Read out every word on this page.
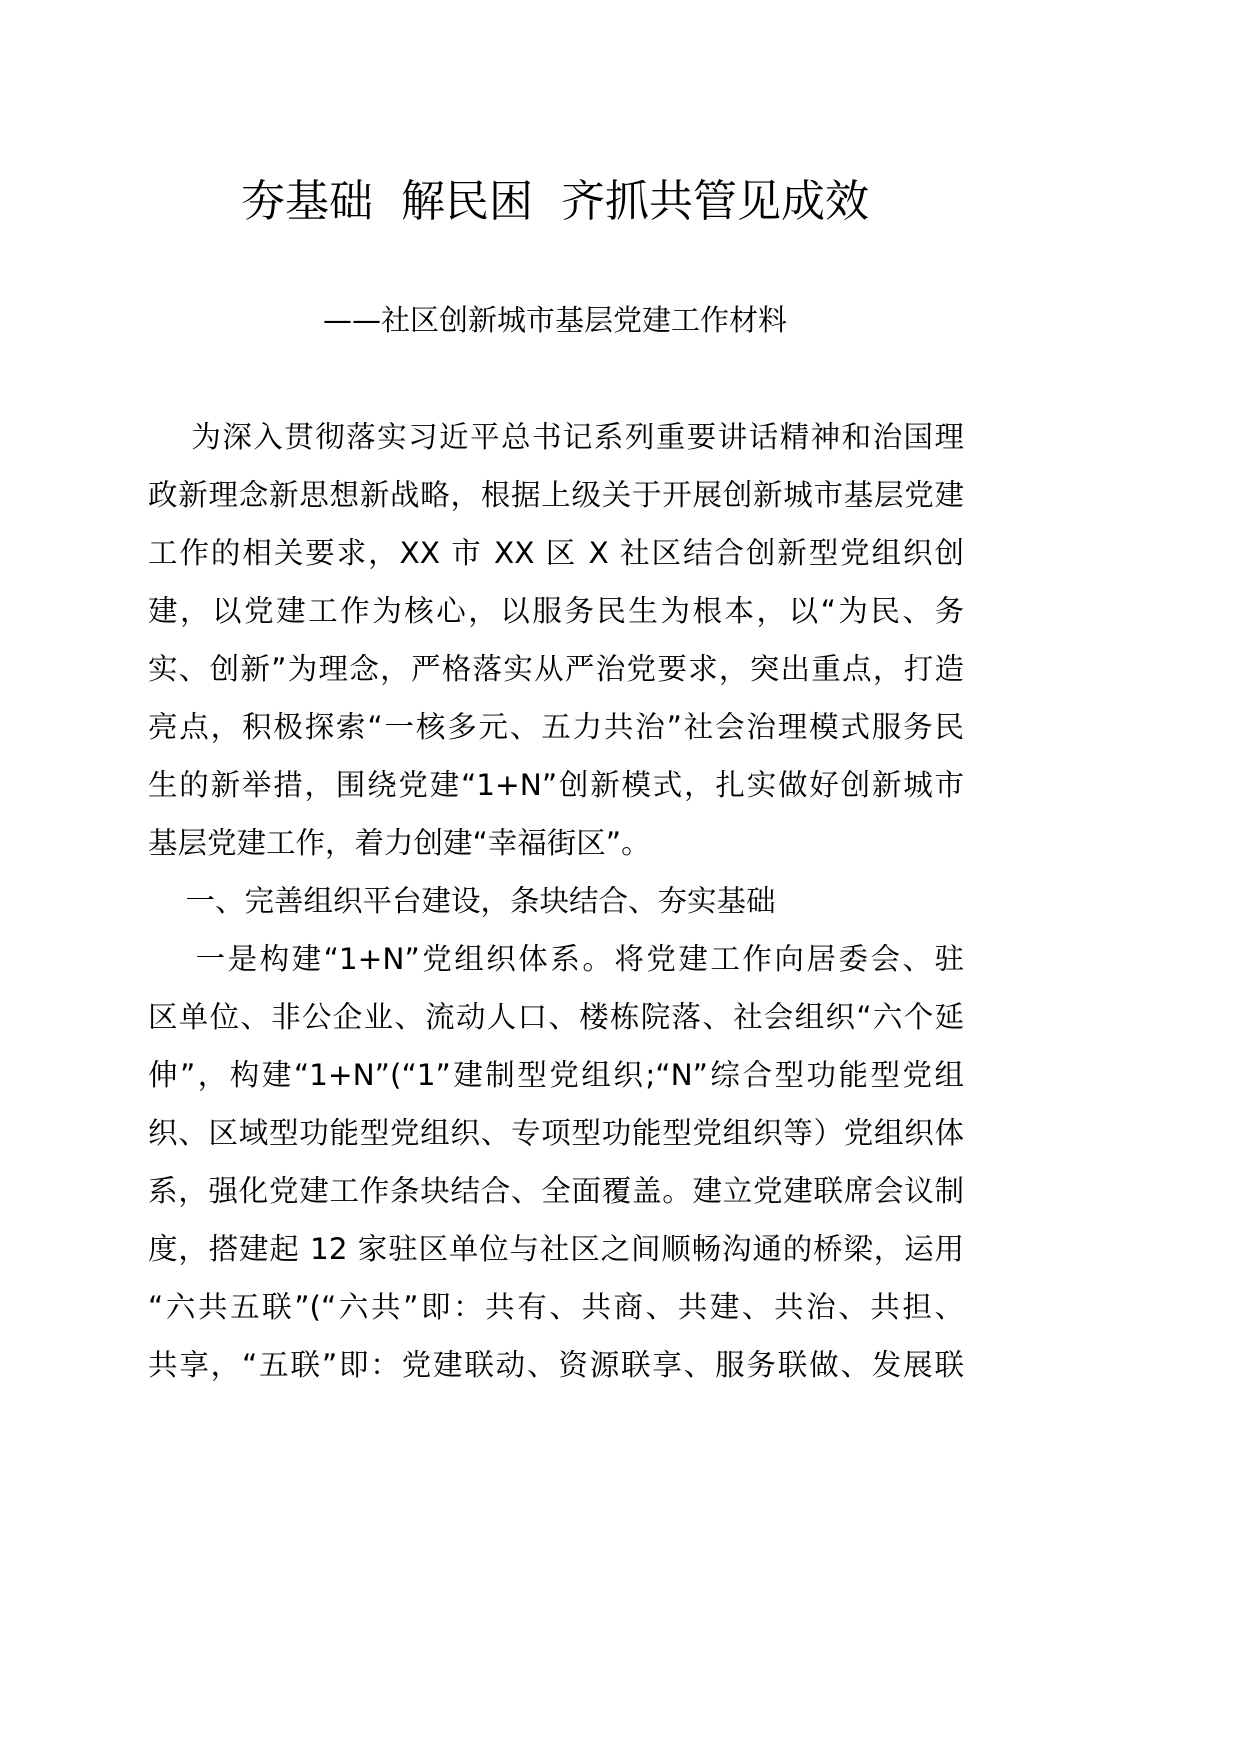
夯基础  解民困  齐抓共管见成效
——社区创新城市基层党建工作材料
为深入贯彻落实习近平总书记系列重要讲话精神和治国理
政新理念新思想新战略，根据上级关于开展创新城市基层党建
工作的相关要求，XX 市 XX 区 X 社区结合创新型党组织创
建，以党建工作为核心，以服务民生为根本，以“为民、务
实、创新”为理念，严格落实从严治党要求，突出重点，打造
亮点，积极探索“一核多元、五力共治”社会治理模式服务民
生的新举措，围绕党建“1+N”创新模式，扎实做好创新城市
基层党建工作，着力创建“幸福街区”。
一、完善组织平台建设，条块结合、夯实基础
一是构建“1+N”党组织体系。将党建工作向居委会、驻
区单位、非公企业、流动人口、楼栋院落、社会组织“六个延
伸”，构建“1+N”(“1”建制型党组织;“N”综合型功能型党组
织、区域型功能型党组织、专项型功能型党组织等）党组织体
系，强化党建工作条块结合、全面覆盖。建立党建联席会议制
度，搭建起 12 家驻区单位与社区之间顺畅沟通的桥梁，运用
“六共五联”(“六共”即：共有、共商、共建、共治、共担、
共享，“五联”即：党建联动、资源联享、服务联做、发展联
